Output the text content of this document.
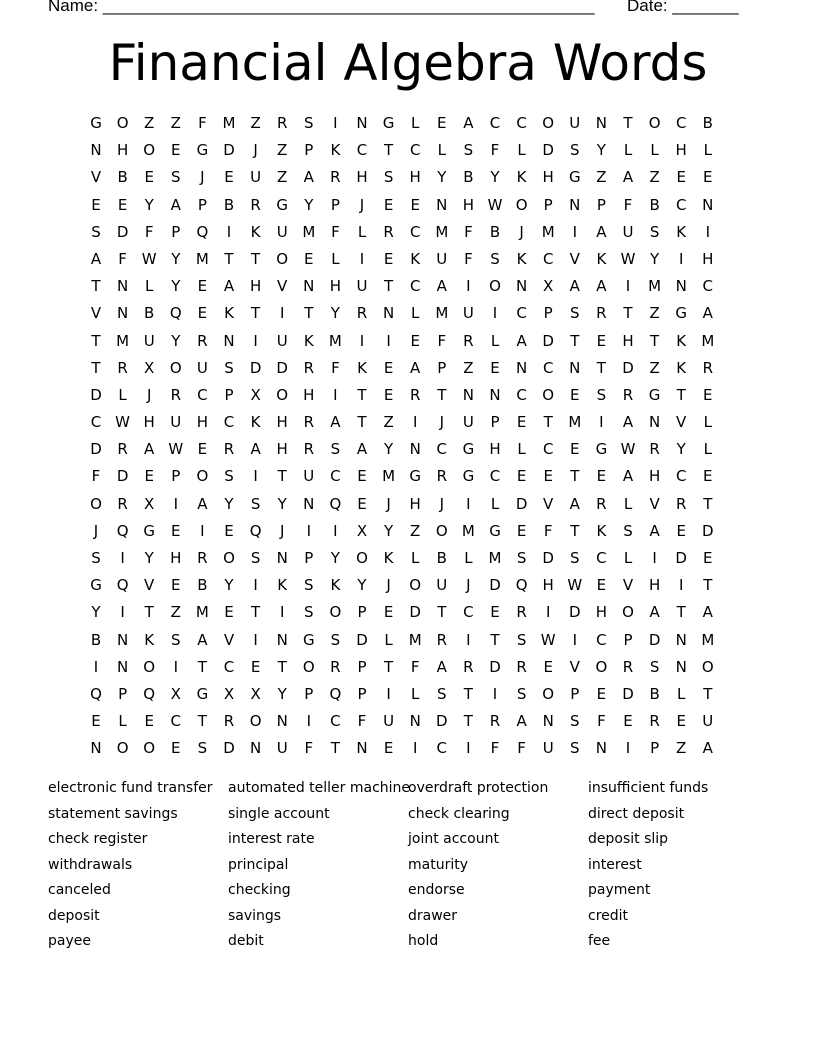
Name: ____________________________________________________ Date: _______
Financial Algebra Words
G O	Z	Z	F	M Z	R	S	I	N	G	L	E	A	C	C	O	U	N	T	O	C	B
N	H	O	E	G	D	J	Z	P	K	C	T	C	L	S	F	L	D	S	Y	L	L	H	L
V	B	E	S	J	E	U	Z	A	R	H	S	H	Y	B	Y	K	H	G	Z	A	Z	E	E
E	E	Y	A	P	B	R	G	Y	P	J	E	E	N	H W O	P	N	P	F	B	C	N
S	D	F	P	Q	I	K	U M	F	L	R	C M	F	B	J	M	I	A	U	S	K	I
A	F W Y	M	T	T	O	E	L	I	E	K	U	F	S	K	C	V	K W Y	I	H
T	N	L	Y	E	A	H	V	N	H	U	T	C	A	I	O	N	X	A	A	I	M N	C
V	N	B	Q	E	K	T	I	T	Y	R	N	L	M U	I	C	P	S	R	T	Z	G	A
T	M U	Y	R	N	I	U	K	M	I	I	E	F	R	L	A	D	T	E	H	T	K	M
T	R	X	O	U	S	D	D	R	F	K	E	A	P	Z	E	N	C	N	T	D	Z	K	R
D	L	J	R	C	P	X	O	H	I	T	E	R	T	N	N	C	O	E	S	R	G	T	E
C W H	U	H	C	K	H	R	A	T	Z	I	J	U	P	E	T	M	I	A	N	V	L
D	R	A W E	R	A	H	R	S	A	Y	N	C	G	H	L	C	E	G W R	Y	L
F	D	E	P	O	S	I	T	U	C	E	M G	R	G	C	E	E	T	E	A	H	C	E
O	R	X	I	A	Y	S	Y	N	Q	E	J	H	J	I	L	D	V	A	R	L	V	R	T
J	Q G	E	I	E	Q	J	I	I	X	Y	Z	O M G	E	F	T	K	S	A	E	D
S	I	Y	H	R	O	S	N	P	Y	O	K	L	B	L	M	S	D	S	C	L	I	D	E
G Q	V	E	B	Y	I	K	S	K	Y	J	O	U	J	D Q	H W E	V	H	I	T
Y	I	T	Z M	E	T	I	S	O	P	E	D	T	C	E	R	I	D	H	O	A	T	A
B	N	K	S	A	V	I	N	G	S	D	L	M R	I	T	S W	I	C	P	D	N M
I	N	O	I	T	C	E	T	O	R	P	T	F	A	R	D	R	E	V	O	R	S	N	O
Q	P	Q	X	G	X	X	Y	P	Q	P	I	L	S	T	I	S	O	P	E	D	B	L	T
E	L	E	C	T	R	O	N	I	C	F	U	N	D	T	R	A	N	S	F	E	R	E	U
N	O O	E	S	D	N	U	F	T	N	E	I	C	I	F	F	U	S	N	I	P	Z	A
electronic fund transfer
statement savings
check register
withdrawals
canceled
deposit
payee
automated teller machine
single account
interest rate
principal
checking
savings
debit
overdraft protection
check clearing
joint account
maturity
endorse
drawer
hold
insufficient funds
direct deposit
deposit slip
interest
payment
credit
fee
